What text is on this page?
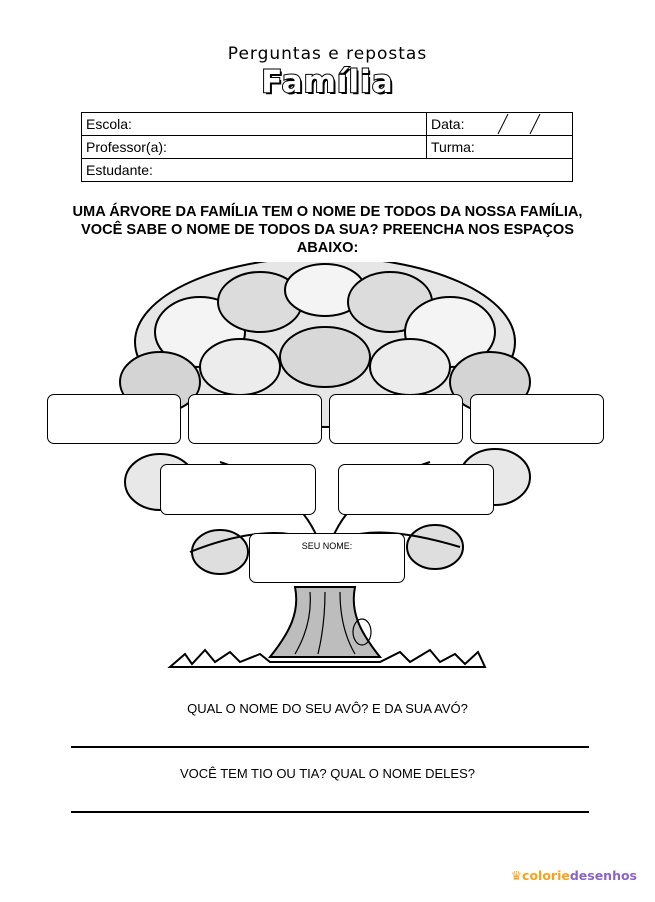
Perguntas e repostas
Família
Escola:	Data:
Professor(a):	Turma:
Estudante:	
UMA ÁRVORE DA FAMÍLIA TEM O NOME DE TODOS DA NOSSA FAMÍLIA, VOCÊ SABE O NOME DE TODOS DA SUA? PREENCHA NOS ESPAÇOS ABAIXO:
SEU NOME:
QUAL O NOME DO SEU AVÔ? E DA SUA AVÓ?
VOCÊ TEM TIO OU TIA? QUAL O NOME DELES?
♛coloriedesenhos
